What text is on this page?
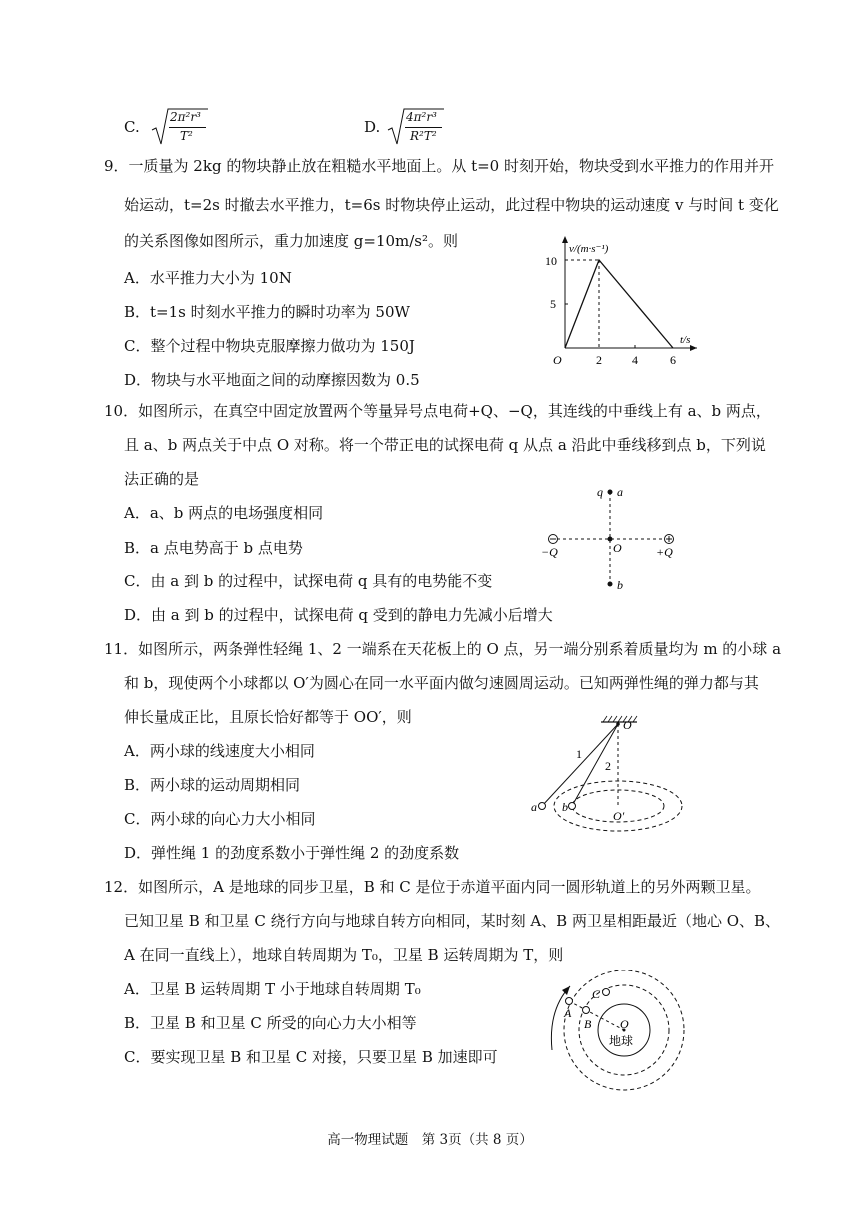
C.
2π²r³
T²	D.
4π²r³
R²T²
9．一质量为 2kg 的物块静止放在粗糙水平地面上。从 t=0 时刻开始，物块受到水平推力的作用并开
始运动，t=2s 时撤去水平推力，t=6s 时物块停止运动，此过程中物块的运动速度 v 与时间 t 变化
的关系图像如图所示，重力加速度 g=10m/s²。则
A．水平推力大小为 10N
B．t=1s 时刻水平推力的瞬时功率为 50W
C．整个过程中物块克服摩擦力做功为 150J
D．物块与水平地面之间的动摩擦因数为 0.5
v/(m·s⁻¹)
t/s
O
10
5
2	4	6
10．如图所示，在真空中固定放置两个等量异号点电荷+Q、−Q，其连线的中垂线上有 a、b 两点，
且 a、b 两点关于中点 O 对称。将一个带正电的试探电荷 q 从点 a 沿此中垂线移到点 b，下列说
法正确的是
A．a、b 两点的电场强度相同
B．a 点电势高于 b 点电势
C．由 a 到 b 的过程中，试探电荷 q 具有的电势能不变
D．由 a 到 b 的过程中，试探电荷 q 受到的静电力先减小后增大
q a
b
O
−Q	+Q
11．如图所示，两条弹性轻绳 1、2 一端系在天花板上的 O 点，另一端分别系着质量均为 m 的小球 a
和 b，现使两个小球都以 O′为圆心在同一水平面内做匀速圆周运动。已知两弹性绳的弹力都与其
伸长量成正比，且原长恰好都等于 OO′，则
A．两小球的线速度大小相同
B．两小球的运动周期相同
C．两小球的向心力大小相同
D．弹性绳 1 的劲度系数小于弹性绳 2 的劲度系数
O
1
2
a b
O′
12．如图所示，A 是地球的同步卫星，B 和 C 是位于赤道平面内同一圆形轨道上的另外两颗卫星。
已知卫星 B 和卫星 C 绕行方向与地球自转方向相同，某时刻 A、B 两卫星相距最近（地心 O、B、
A 在同一直线上），地球自转周期为 T₀，卫星 B 运转周期为 T，则
A．卫星 B 运转周期 T 小于地球自转周期 T₀
B．卫星 B 和卫星 C 所受的向心力大小相等
C．要实现卫星 B 和卫星 C 对接，只要卫星 B 加速即可
A
B
C
O
地球
高一物理试题　第 3页（共 8 页）
